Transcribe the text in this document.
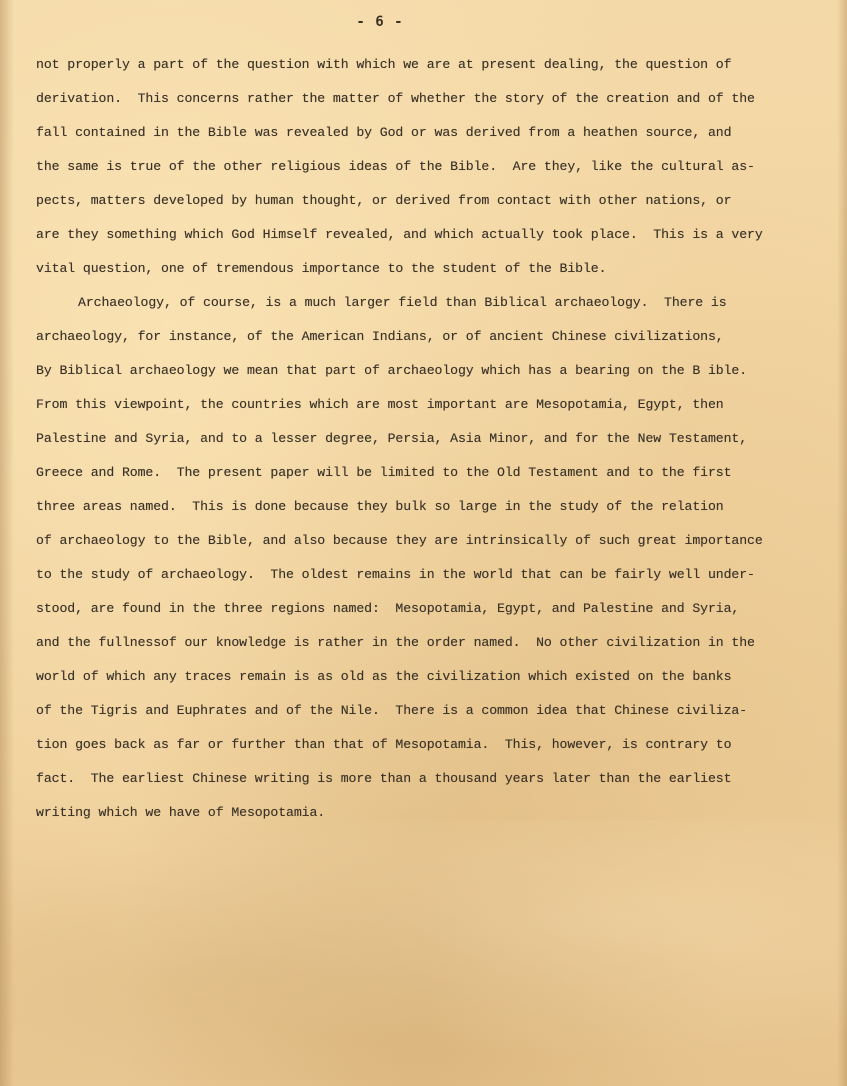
- 6 -
not properly a part of the question with which we are at present dealing, the question of
derivation.  This concerns rather the matter of whether the story of the creation and of the
fall contained in the Bible was revealed by God or was derived from a heathen source, and
the same is true of the other religious ideas of the Bible.  Are they, like the cultural as-
pects, matters developed by human thought, or derived from contact with other nations, or
are they something which God Himself revealed, and which actually took place.  This is a very
vital question, one of tremendous importance to the student of the Bible.
Archaeology, of course, is a much larger field than Biblical archaeology.  There is
archaeology, for instance, of the American Indians, or of ancient Chinese civilizations,
By Biblical archaeology we mean that part of archaeology which has a bearing on the B ible.
From this viewpoint, the countries which are most important are Mesopotamia, Egypt, then
Palestine and Syria, and to a lesser degree, Persia, Asia Minor, and for the New Testament,
Greece and Rome.  The present paper will be limited to the Old Testament and to the first
three areas named.  This is done because they bulk so large in the study of the relation
of archaeology to the Bible, and also because they are intrinsically of such great importance
to the study of archaeology.  The oldest remains in the world that can be fairly well under-
stood, are found in the three regions named:  Mesopotamia, Egypt, and Palestine and Syria,
and the fullnessof our knowledge is rather in the order named.  No other civilization in the
world of which any traces remain is as old as the civilization which existed on the banks
of the Tigris and Euphrates and of the Nile.  There is a common idea that Chinese civiliza-
tion goes back as far or further than that of Mesopotamia.  This, however, is contrary to
fact.  The earliest Chinese writing is more than a thousand years later than the earliest
writing which we have of Mesopotamia.
